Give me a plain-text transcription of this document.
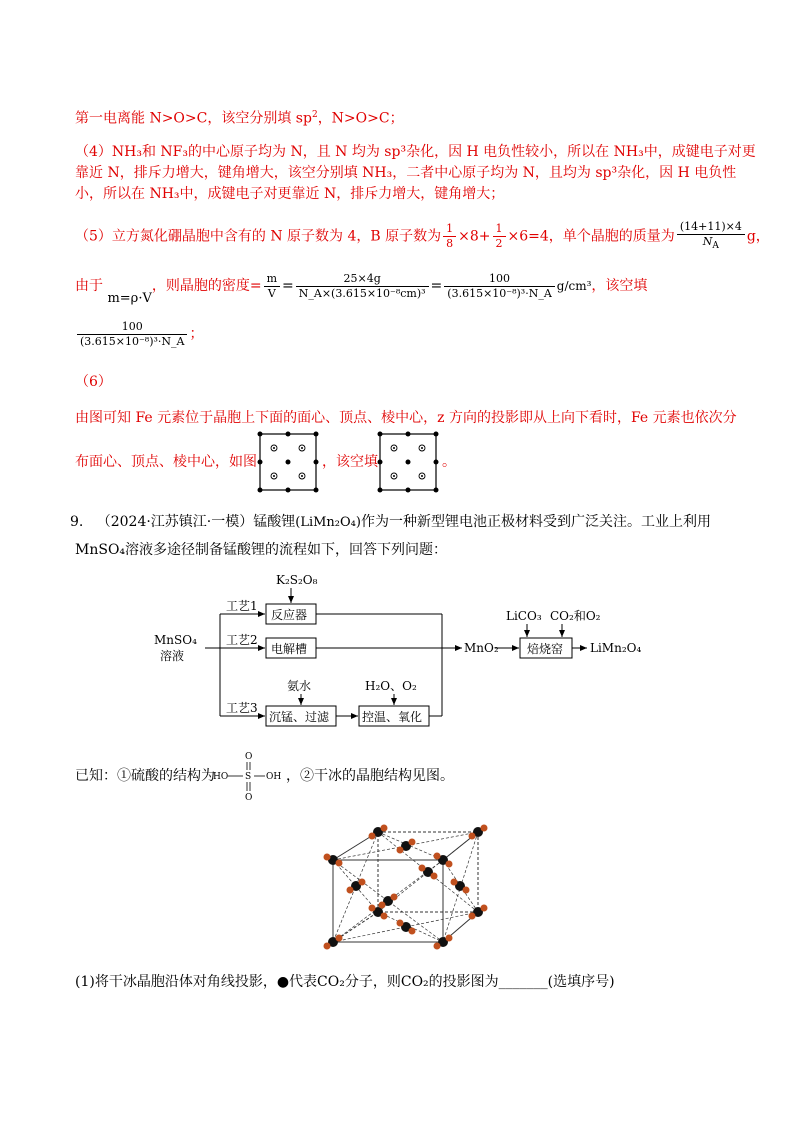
第一电离能 N>O>C，该空分别填 $sp^2$，N>O>C；
（4）NH₃和 NF₃的中心原子均为 N，且 N 均为 sp³杂化，因 H 电负性较小，所以在 NH₃中，成键电子对更
靠近 N，排斥力增大，键角增大，该空分别填 NH₃，二者中心原子均为 N，且均为 sp³杂化，因 H 电负性
小，所以在 NH₃中，成键电子对更靠近 N，排斥力增大，键角增大；
（5）立方氮化硼晶胞中含有的 N 原子数为 4，B 原子数为 $\frac{1}{8} \times 8+ \frac{1}{2} \times 6=4$，单个晶胞的质量为 $\frac{(14+11)\times 4}{N_A}$ g，
由于 m=ρ·V，则晶胞的密度= $\frac{m}{V} = \frac{25\times 4g}{\text{N\_A×(3.615×10⁻⁸cm)³}} = \frac{100}{\text{(3.615×10⁻⁸)³·N\_A}} g/cm^3$，该空填
$\frac{100}{\text{(3.615×10⁻⁸)³·N\_A}}$ ；
（6）
由图可知 Fe 元素位于晶胞上下面的面心、顶点、棱中心，z 方向的投影即从上向下看时，Fe 元素也依次分
布面心、顶点、棱中心，如图	，该空填	。
9. （2024·江苏镇江·一模）锰酸锂(LiMn₂O₄)作为一种新型锂电池正极材料受到广泛关注。工业上利用
MnSO₄溶液多途径制备锰酸锂的流程如下，回答下列问题：
MnSO₄
溶液
K₂S₂O₈
工艺1
工艺2
工艺3
反应器
电解槽
氨水
沉锰、过滤
H₂O、O₂
控温、氧化
MnO₂
LiCO₃ CO₂和O₂
焙烧窑 LiMn₂O₄
已知：①硫酸的结构为
O
O
S
HO	OH ，②干冰的晶胞结构见图。
(1)将干冰晶胞沿体对角线投影，●代表CO₂分子，则CO₂的投影图为_______(选填序号)
